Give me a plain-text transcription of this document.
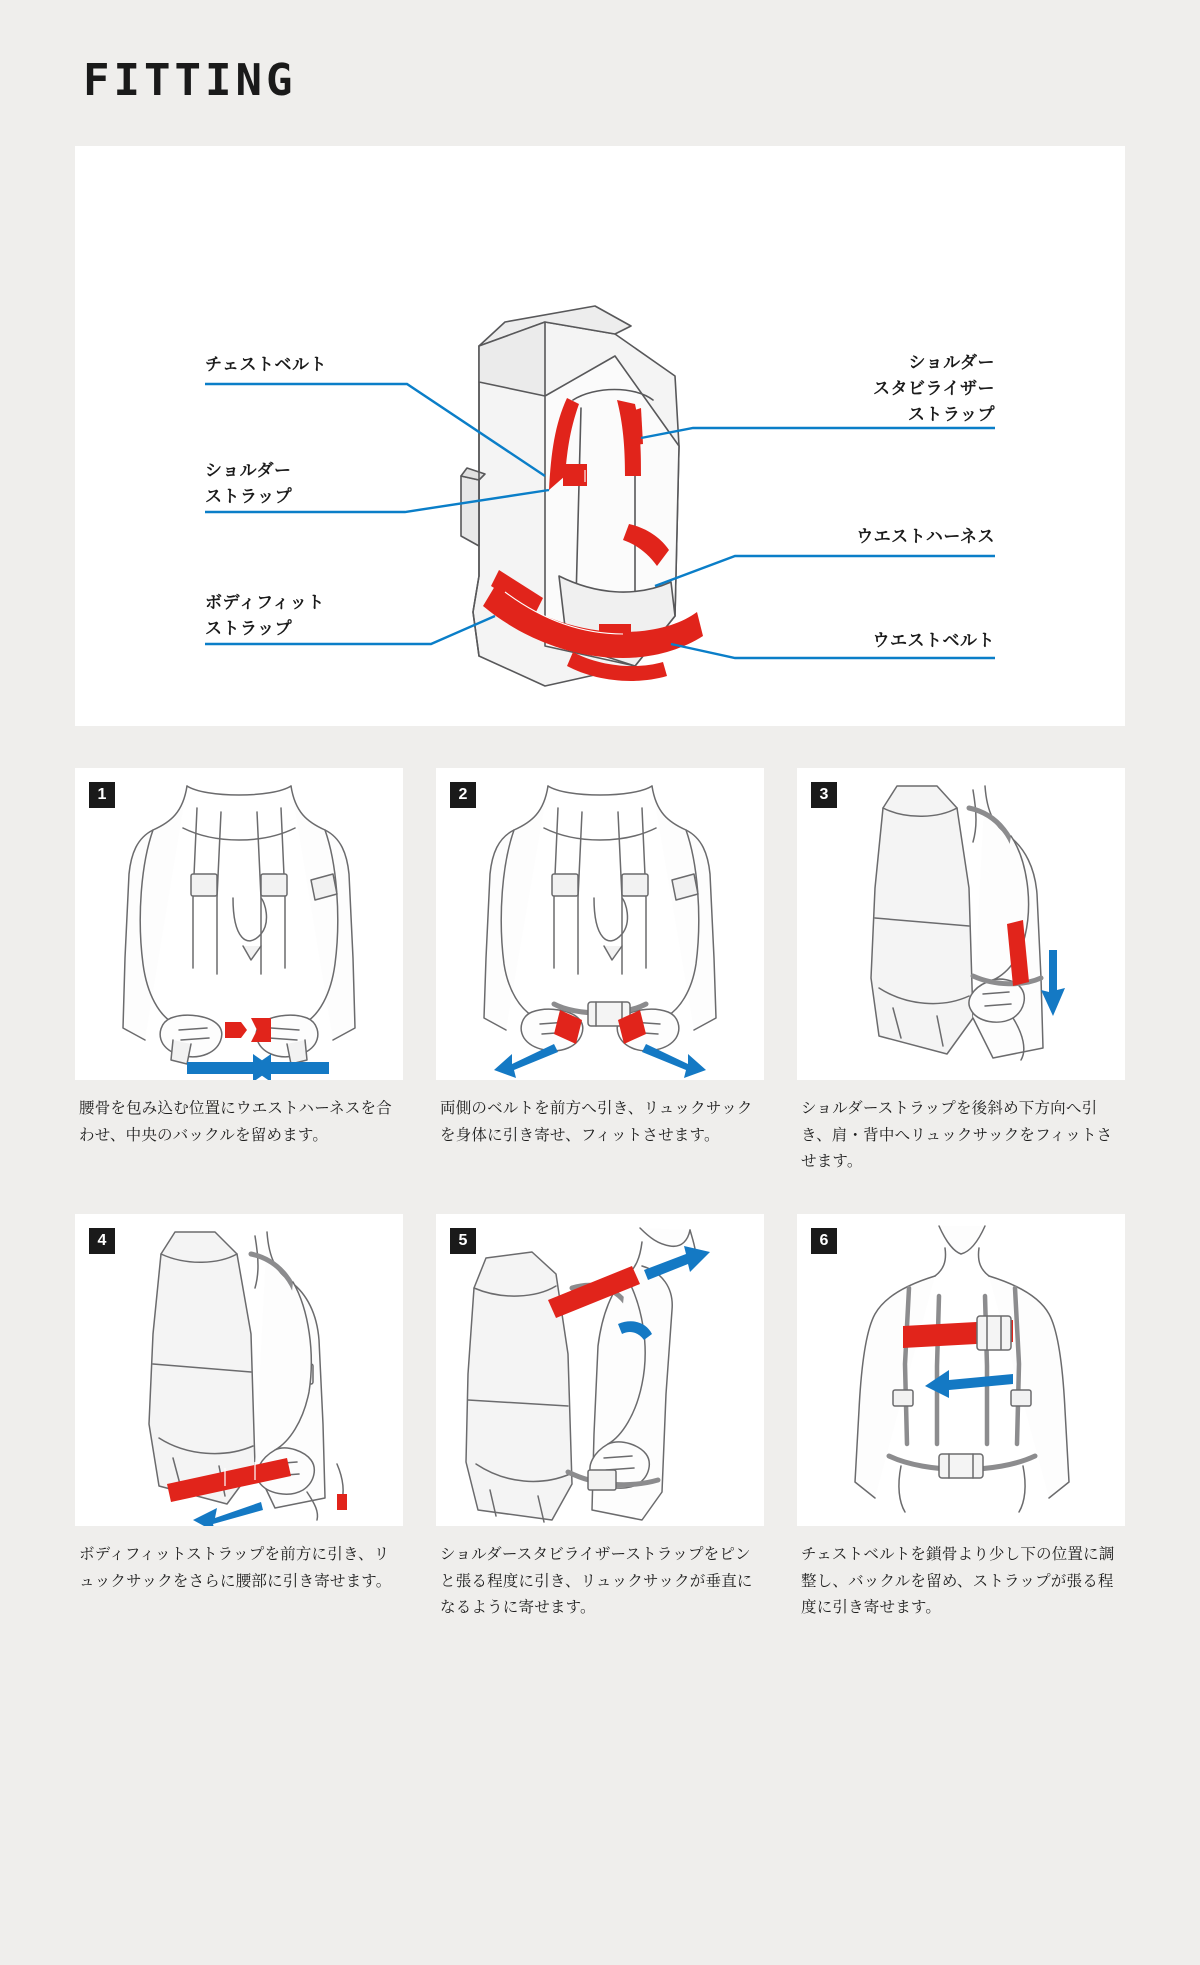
FITTING
チェストベルト
ショルダー
ストラップ
ボディフィット
ストラップ
ショルダー
スタビライザー
ストラップ
ウエストハーネス
ウエストベルト
1
腰骨を包み込む位置にウエストハーネスを合わせ、中央のバックルを留めます。
2
両側のベルトを前方へ引き、リュックサックを身体に引き寄せ、フィットさせます。
3
ショルダーストラップを後斜め下方向へ引き、肩・背中へリュックサックをフィットさせます。
4
ボディフィットストラップを前方に引き、リュックサックをさらに腰部に引き寄せます。
5
ショルダースタビライザーストラップをピンと張る程度に引き、リュックサックが垂直になるように寄せます。
6
チェストベルトを鎖骨より少し下の位置に調整し、バックルを留め、ストラップが張る程度に引き寄せます。
